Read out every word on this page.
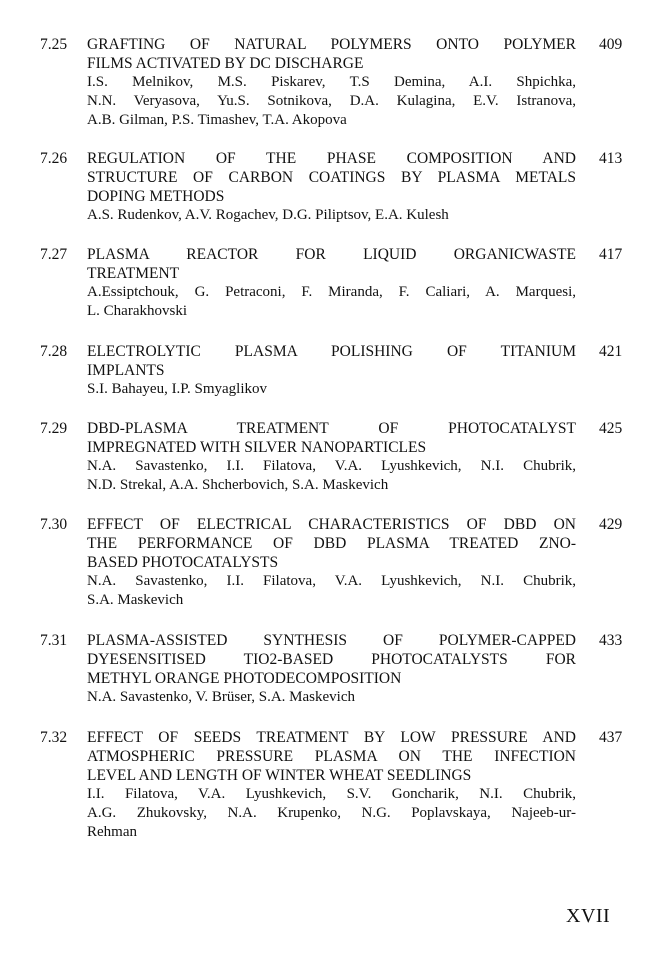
7.25 GRAFTING OF NATURAL POLYMERS ONTO POLYMER
FILMS ACTIVATED BY DC DISCHARGE
I.S. Melnikov, M.S. Piskarev, T.S Demina, A.I. Shpichka,
N.N. Veryasova, Yu.S. Sotnikova, D.A. Kulagina, E.V. Istranova,
A.B. Gilman, P.S. Timashev, T.A. Akopova
409
7.26 REGULATION OF THE PHASE COMPOSITION AND
STRUCTURE OF CARBON COATINGS BY PLASMA METALS
DOPING METHODS
A.S. Rudenkov, A.V. Rogachev, D.G. Piliptsov, E.A. Kulesh
413
7.27 PLASMA REACTOR FOR LIQUID ORGANICWASTE
TREATMENT
A.Essiptchouk, G. Petraconi, F. Miranda, F. Caliari, A. Marquesi,
L. Charakhovski
417
7.28 ELECTROLYTIC PLASMA POLISHING OF TITANIUM
IMPLANTS
S.I. Bahayeu, I.P. Smyaglikov
421
7.29 DBD-PLASMA TREATMENT OF PHOTOCATALYST
IMPREGNATED WITH SILVER NANOPARTICLES
N.A. Savastenko, I.I. Filatova, V.A. Lyushkevich, N.I. Chubrik,
N.D. Strekal, A.A. Shcherbovich, S.A. Maskevich
425
7.30 EFFECT OF ELECTRICAL CHARACTERISTICS OF DBD ON
THE PERFORMANCE OF DBD PLASMA TREATED ZNO-
BASED PHOTOCATALYSTS
N.A. Savastenko, I.I. Filatova, V.A. Lyushkevich, N.I. Chubrik,
S.A. Maskevich
429
7.31 PLASMA-ASSISTED SYNTHESIS OF POLYMER-CAPPED
DYESENSITISED TIO2-BASED PHOTOCATALYSTS FOR
METHYL ORANGE PHOTODECOMPOSITION
N.A. Savastenko, V. Brüser, S.A. Maskevich
433
7.32 EFFECT OF SEEDS TREATMENT BY LOW PRESSURE AND
ATMOSPHERIC PRESSURE PLASMA ON THE INFECTION
LEVEL AND LENGTH OF WINTER WHEAT SEEDLINGS
I.I. Filatova, V.A. Lyushkevich, S.V. Goncharik, N.I. Chubrik,
A.G. Zhukovsky, N.A. Krupenko, N.G. Poplavskaya, Najeeb-ur-
Rehman
437
XVII
